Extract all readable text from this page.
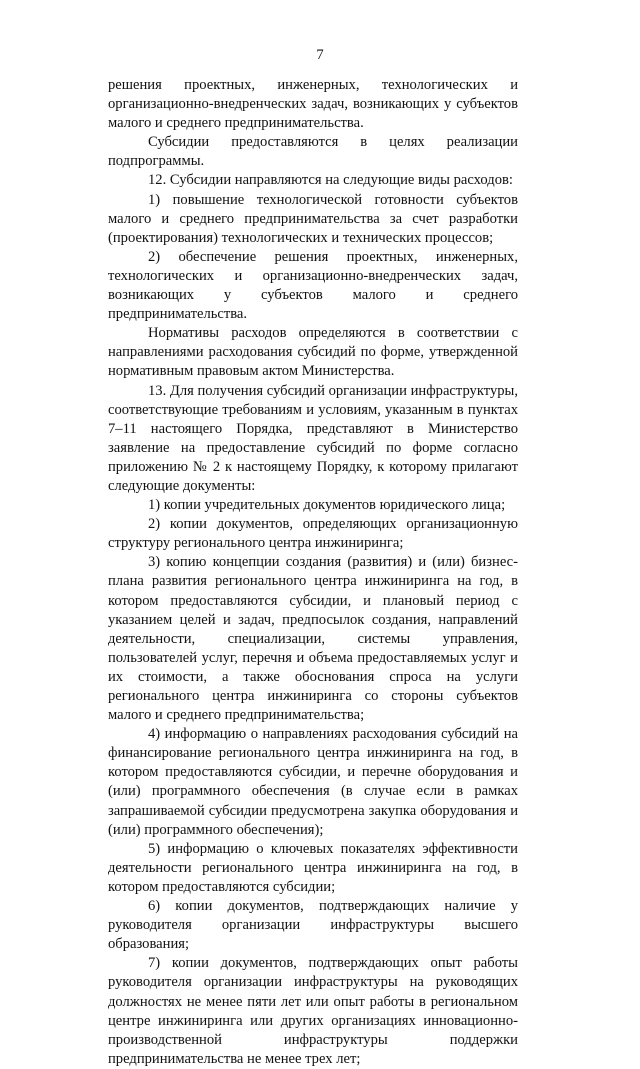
7

решения проектных, инженерных, технологических и организационно-внедренческих задач, возникающих у субъектов малого и среднего предпринимательства.

Субсидии предоставляются в целях реализации подпрограммы.

12. Субсидии направляются на следующие виды расходов:

1) повышение технологической готовности субъектов малого и среднего предпринимательства за счет разработки (проектирования) технологических и технических процессов;

2) обеспечение решения проектных, инженерных, технологических и организационно-внедренческих задач, возникающих у субъектов малого и среднего предпринимательства.

Нормативы расходов определяются в соответствии с направлениями расходования субсидий по форме, утвержденной нормативным правовым актом Министерства.

13. Для получения субсидий организации инфраструктуры, соответствующие требованиям и условиям, указанным в пунктах 7–11 настоящего Порядка, представляют в Министерство заявление на предоставление субсидий по форме согласно приложению № 2 к настоящему Порядку, к которому прилагают следующие документы:

1) копии учредительных документов юридического лица;

2) копии документов, определяющих организационную структуру регионального центра инжиниринга;

3) копию концепции создания (развития) и (или) бизнес-плана развития регионального центра инжиниринга на год, в котором предоставляются субсидии, и плановый период с указанием целей и задач, предпосылок создания, направлений деятельности, специализации, системы управления, пользователей услуг, перечня и объема предоставляемых услуг и их стоимости, а также обоснования спроса на услуги регионального центра инжиниринга со стороны субъектов малого и среднего предпринимательства;

4) информацию о направлениях расходования субсидий на финансирование регионального центра инжиниринга на год, в котором предоставляются субсидии, и перечне оборудования и (или) программного обеспечения (в случае если в рамках запрашиваемой субсидии предусмотрена закупка оборудования и (или) программного обеспечения);

5) информацию о ключевых показателях эффективности деятельности регионального центра инжиниринга на год, в котором предоставляются субсидии;

6) копии документов, подтверждающих наличие у руководителя организации инфраструктуры высшего образования;

7) копии документов, подтверждающих опыт работы руководителя организации инфраструктуры на руководящих должностях не менее пяти лет или опыт работы в региональном центре инжиниринга или других организациях инновационно-производственной инфраструктуры поддержки предпринимательства не менее трех лет;
